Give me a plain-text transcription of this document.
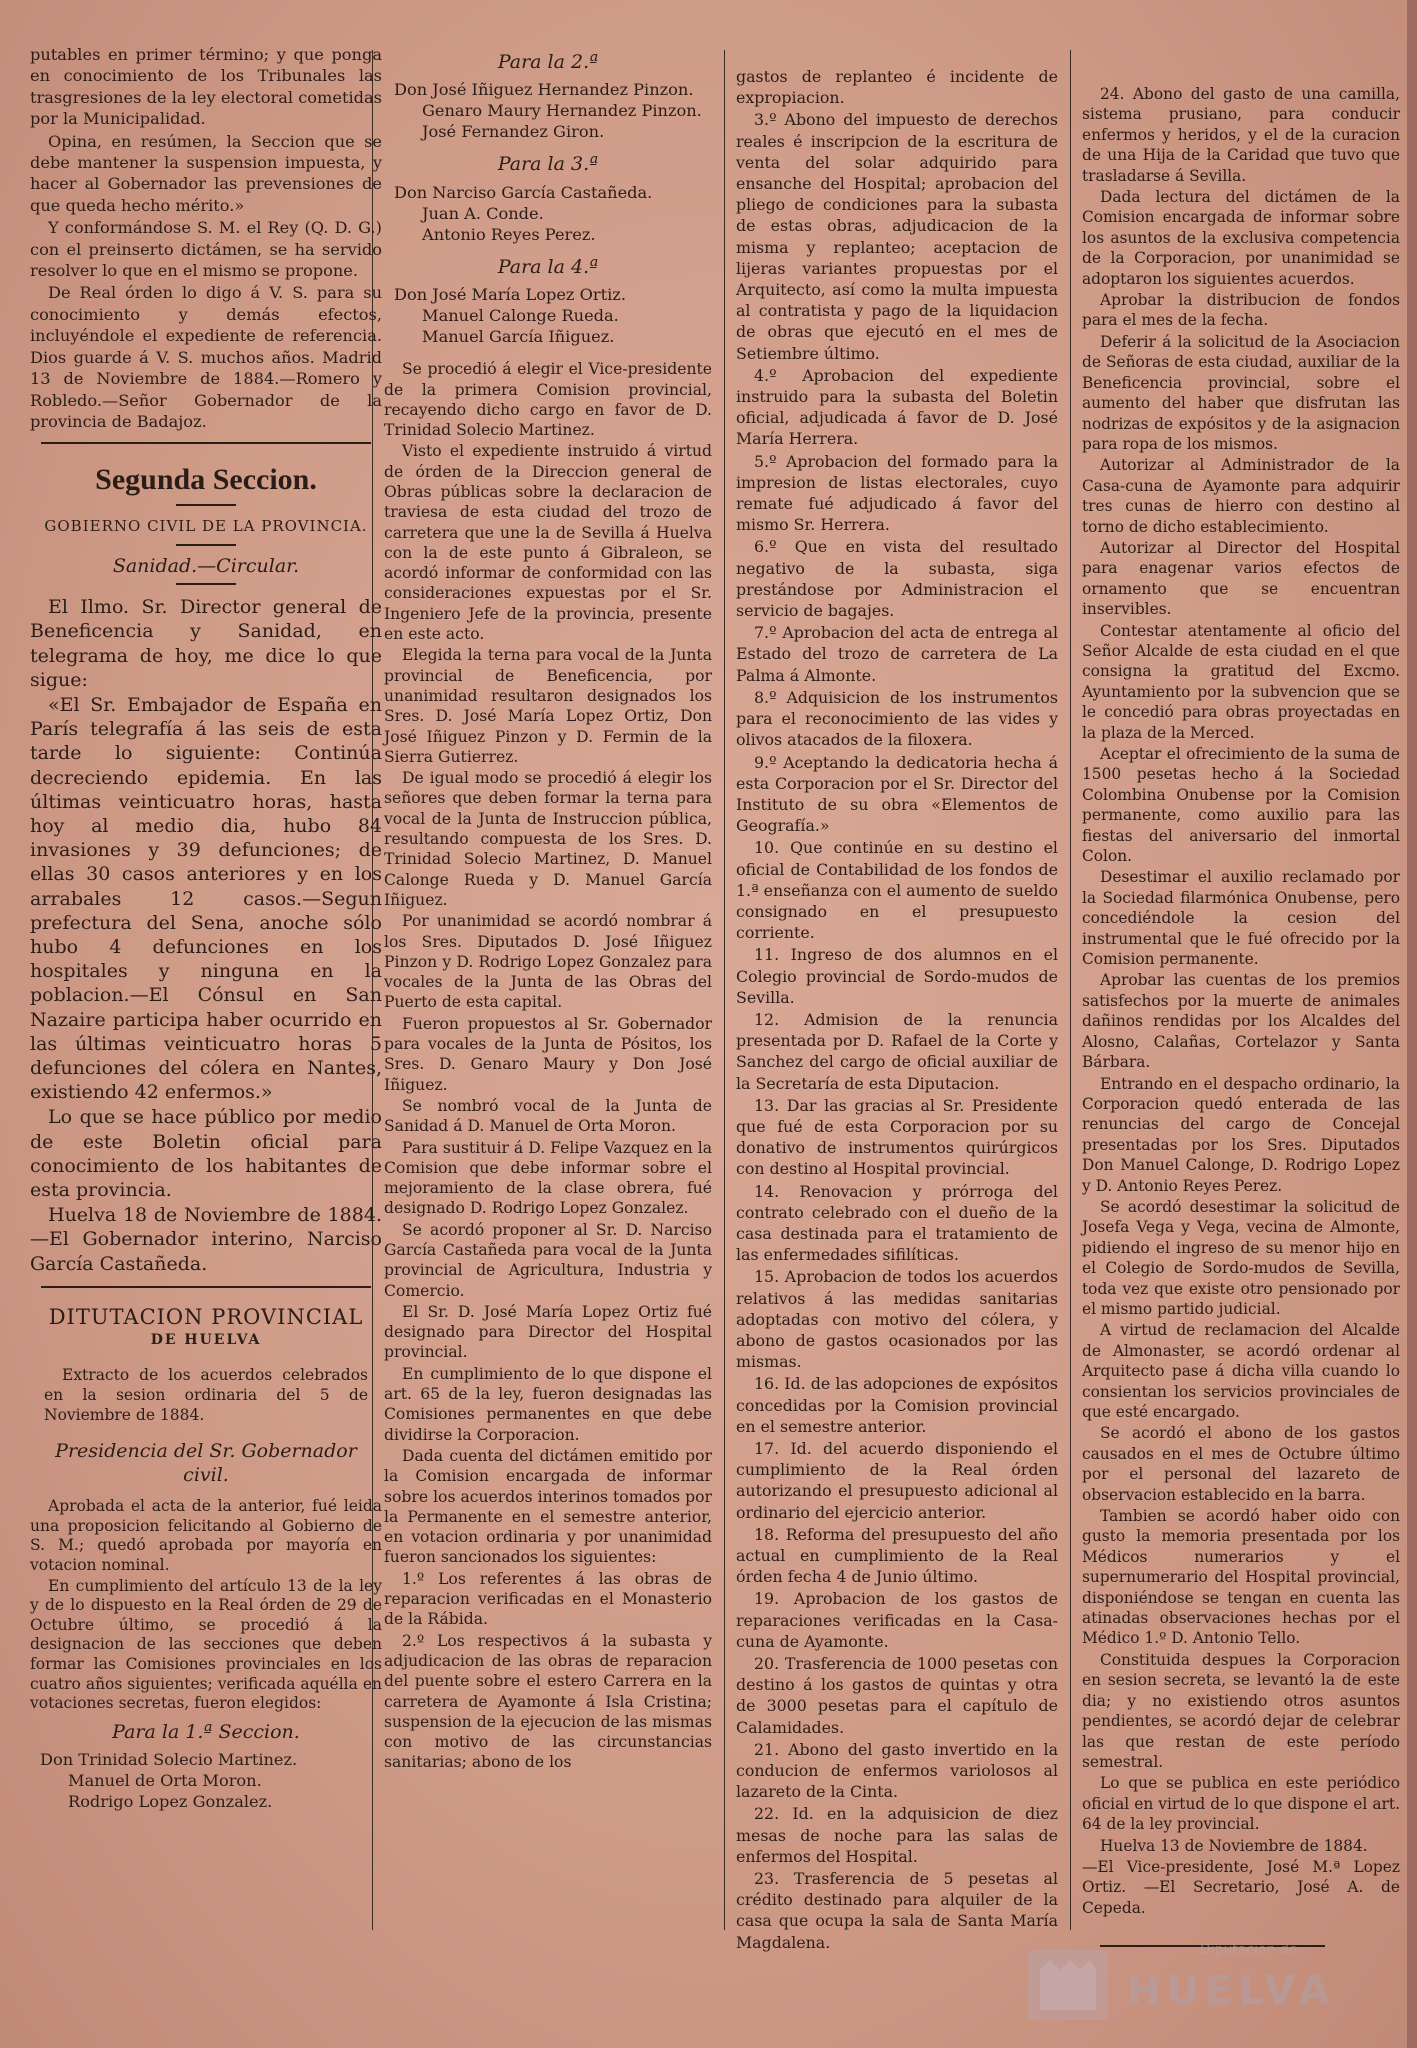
putables en primer término; y que ponga en conocimiento de los Tribunales las trasgresiones de la ley electoral cometidas por la Municipalidad.

Opina, en resúmen, la Seccion que se debe mantener la suspension impuesta, y hacer al Gobernador las prevensiones de que queda hecho mérito.»

Y conformándose S. M. el Rey (Q. D. G.) con el preinserto dictámen, se ha servido resolver lo que en el mismo se propone.

De Real órden lo digo á V. S. para su conocimiento y demás efectos, incluyéndole el expediente de referencia. Dios guarde á V. S. muchos años. Madrid 13 de Noviembre de 1884.—Romero y Robledo.—Señor Gobernador de la provincia de Badajoz.

Segunda Seccion.
GOBIERNO CIVIL DE LA PROVINCIA.
Sanidad.—Circular.

El Ilmo. Sr. Director general de Beneficencia y Sanidad, en telegrama de hoy, me dice lo que sigue:

«El Sr. Embajador de España en París telegrafía á las seis de esta tarde lo siguiente: Continúa decreciendo epidemia. En las últimas veinticuatro horas, hasta hoy al medio dia, hubo 84 invasiones y 39 defunciones; de ellas 30 casos anteriores y en los arrabales 12 casos.—Segun prefectura del Sena, anoche sólo hubo 4 defunciones en los hospitales y ninguna en la poblacion.—El Cónsul en San Nazaire participa haber ocurrido en las últimas veinticuatro horas 5 defunciones del cólera en Nantes, existiendo 42 enfermos.»

Lo que se hace público por medio de este Boletin oficial para conocimiento de los habitantes de esta provincia.

Huelva 18 de Noviembre de 1884.—El Gobernador interino, Narciso García Castañeda.

DITUTACION PROVINCIAL
DE HUELVA
Extracto de los acuerdos celebrados en la sesion ordinaria del 5 de Noviembre de 1884.
Presidencia del Sr. Gobernador civil.

Aprobada el acta de la anterior, fué leida una proposicion felicitando al Gobierno de S. M.; quedó aprobada por mayoría en votacion nominal.

En cumplimiento del artículo 13 de la ley y de lo dispuesto en la Real órden de 29 de Octubre último, se procedió á la designacion de las secciones que deben formar las Comisiones provinciales en los cuatro años siguientes; verificada aquélla en votaciones secretas, fueron elegidos:

Para la 1.ª Seccion.
Don Trinidad Solecio Martinez.
Manuel de Orta Moron.
Rodrigo Lopez Gonzalez.
Para la 2.ª
Don José Iñiguez Hernandez Pinzon.
Genaro Maury Hernandez Pinzon.
José Fernandez Giron.
Para la 3.ª
Don Narciso García Castañeda.
Juan A. Conde.
Antonio Reyes Perez.
Para la 4.ª
Don José María Lopez Ortiz.
Manuel Calonge Rueda.
Manuel García Iñiguez.

Se procedió á elegir el Vice-presidente de la primera Comision provincial, recayendo dicho cargo en favor de D. Trinidad Solecio Martinez.

Visto el expediente instruido á virtud de órden de la Direccion general de Obras públicas sobre la declaracion de traviesa de esta ciudad del trozo de carretera que une la de Sevilla á Huelva con la de este punto á Gibraleon, se acordó informar de conformidad con las consideraciones expuestas por el Sr. Ingeniero Jefe de la provincia, presente en este acto.

Elegida la terna para vocal de la Junta provincial de Beneficencia, por unanimidad resultaron designados los Sres. D. José María Lopez Ortiz, Don José Iñiguez Pinzon y D. Fermin de la Sierra Gutierrez.

De igual modo se procedió á elegir los señores que deben formar la terna para vocal de la Junta de Instruccion pública, resultando compuesta de los Sres. D. Trinidad Solecio Martinez, D. Manuel Calonge Rueda y D. Manuel García Iñiguez.

Por unanimidad se acordó nombrar á los Sres. Diputados D. José Iñiguez Pinzon y D. Rodrigo Lopez Gonzalez para vocales de la Junta de las Obras del Puerto de esta capital.

Fueron propuestos al Sr. Gobernador para vocales de la Junta de Pósitos, los Sres. D. Genaro Maury y Don José Iñiguez.

Se nombró vocal de la Junta de Sanidad á D. Manuel de Orta Moron.

Para sustituir á D. Felipe Vazquez en la Comision que debe informar sobre el mejoramiento de la clase obrera, fué designado D. Rodrigo Lopez Gonzalez.

Se acordó proponer al Sr. D. Narciso García Castañeda para vocal de la Junta provincial de Agricultura, Industria y Comercio.

El Sr. D. José María Lopez Ortiz fué designado para Director del Hospital provincial.

En cumplimiento de lo que dispone el art. 65 de la ley, fueron designadas las Comisiones permanentes en que debe dividirse la Corporacion.

Dada cuenta del dictámen emitido por la Comision encargada de informar sobre los acuerdos interinos tomados por la Permanente en el semestre anterior, en votacion ordinaria y por unanimidad fueron sancionados los siguientes:

1.º Los referentes á las obras de reparacion verificadas en el Monasterio de la Rábida.

2.º Los respectivos á la subasta y adjudicacion de las obras de reparacion del puente sobre el estero Carrera en la carretera de Ayamonte á Isla Cristina; suspension de la ejecucion de las mismas con motivo de las circunstancias sanitarias; abono de los

gastos de replanteo é incidente de expropiacion.

3.º Abono del impuesto de derechos reales é inscripcion de la escritura de venta del solar adquirido para ensanche del Hospital; aprobacion del pliego de condiciones para la subasta de estas obras, adjudicacion de la misma y replanteo; aceptacion de lijeras variantes propuestas por el Arquitecto, así como la multa impuesta al contratista y pago de la liquidacion de obras que ejecutó en el mes de Setiembre último.

4.º Aprobacion del expediente instruido para la subasta del Boletin oficial, adjudicada á favor de D. José María Herrera.

5.º Aprobacion del formado para la impresion de listas electorales, cuyo remate fué adjudicado á favor del mismo Sr. Herrera.

6.º Que en vista del resultado negativo de la subasta, siga prestándose por Administracion el servicio de bagajes.

7.º Aprobacion del acta de entrega al Estado del trozo de carretera de La Palma á Almonte.

8.º Adquisicion de los instrumentos para el reconocimiento de las vides y olivos atacados de la filoxera.

9.º Aceptando la dedicatoria hecha á esta Corporacion por el Sr. Director del Instituto de su obra «Elementos de Geografía.»

10. Que continúe en su destino el oficial de Contabilidad de los fondos de 1.ª enseñanza con el aumento de sueldo consignado en el presupuesto corriente.

11. Ingreso de dos alumnos en el Colegio provincial de Sordo-mudos de Sevilla.

12. Admision de la renuncia presentada por D. Rafael de la Corte y Sanchez del cargo de oficial auxiliar de la Secretaría de esta Diputacion.

13. Dar las gracias al Sr. Presidente que fué de esta Corporacion por su donativo de instrumentos quirúrgicos con destino al Hospital provincial.

14. Renovacion y prórroga del contrato celebrado con el dueño de la casa destinada para el tratamiento de las enfermedades sifilíticas.

15. Aprobacion de todos los acuerdos relativos á las medidas sanitarias adoptadas con motivo del cólera, y abono de gastos ocasionados por las mismas.

16. Id. de las adopciones de expósitos concedidas por la Comision provincial en el semestre anterior.

17. Id. del acuerdo disponiendo el cumplimiento de la Real órden autorizando el presupuesto adicional al ordinario del ejercicio anterior.

18. Reforma del presupuesto del año actual en cumplimiento de la Real órden fecha 4 de Junio último.

19. Aprobacion de los gastos de reparaciones verificadas en la Casa-cuna de Ayamonte.

20. Trasferencia de 1000 pesetas con destino á los gastos de quintas y otra de 3000 pesetas para el capítulo de Calamidades.

21. Abono del gasto invertido en la conducion de enfermos variolosos al lazareto de la Cinta.

22. Id. en la adquisicion de diez mesas de noche para las salas de enfermos del Hospital.

23. Trasferencia de 5 pesetas al crédito destinado para alquiler de la casa que ocupa la sala de Santa María Magdalena.

24. Abono del gasto de una camilla, sistema prusiano, para conducir enfermos y heridos, y el de la curacion de una Hija de la Caridad que tuvo que trasladarse á Sevilla.

Dada lectura del dictámen de la Comision encargada de informar sobre los asuntos de la exclusiva competencia de la Corporacion, por unanimidad se adoptaron los siguientes acuerdos.

Aprobar la distribucion de fondos para el mes de la fecha.

Deferir á la solicitud de la Asociacion de Señoras de esta ciudad, auxiliar de la Beneficencia provincial, sobre el aumento del haber que disfrutan las nodrizas de expósitos y de la asignacion para ropa de los mismos.

Autorizar al Administrador de la Casa-cuna de Ayamonte para adquirir tres cunas de hierro con destino al torno de dicho establecimiento.

Autorizar al Director del Hospital para enagenar varios efectos de ornamento que se encuentran inservibles.

Contestar atentamente al oficio del Señor Alcalde de esta ciudad en el que consigna la gratitud del Excmo. Ayuntamiento por la subvencion que se le concedió para obras proyectadas en la plaza de la Merced.

Aceptar el ofrecimiento de la suma de 1500 pesetas hecho á la Sociedad Colombina Onubense por la Comision permanente, como auxilio para las fiestas del aniversario del inmortal Colon.

Desestimar el auxilio reclamado por la Sociedad filarmónica Onubense, pero concediéndole la cesion del instrumental que le fué ofrecido por la Comision permanente.

Aprobar las cuentas de los premios satisfechos por la muerte de animales dañinos rendidas por los Alcaldes del Alosno, Calañas, Cortelazor y Santa Bárbara.

Entrando en el despacho ordinario, la Corporacion quedó enterada de las renuncias del cargo de Concejal presentadas por los Sres. Diputados Don Manuel Calonge, D. Rodrigo Lopez y D. Antonio Reyes Perez.

Se acordó desestimar la solicitud de Josefa Vega y Vega, vecina de Almonte, pidiendo el ingreso de su menor hijo en el Colegio de Sordo-mudos de Sevilla, toda vez que existe otro pensionado por el mismo partido judicial.

A virtud de reclamacion del Alcalde de Almonaster, se acordó ordenar al Arquitecto pase á dicha villa cuando lo consientan los servicios provinciales de que esté encargado.

Se acordó el abono de los gastos causados en el mes de Octubre último por el personal del lazareto de observacion establecido en la barra.

Tambien se acordó haber oido con gusto la memoria presentada por los Médicos numerarios y el supernumerario del Hospital provincial, disponiéndose se tengan en cuenta las atinadas observaciones hechas por el Médico 1.º D. Antonio Tello.

Constituida despues la Corporacion en sesion secreta, se levantó la de este dia; y no existiendo otros asuntos pendientes, se acordó dejar de celebrar las que restan de este período semestral.

Lo que se publica en este periódico oficial en virtud de lo que dispone el art. 64 de la ley provincial.

Huelva 13 de Noviembre de 1884.

—El Vice-presidente, José M.ª Lopez Ortiz. —El Secretario, José A. de Cepeda.

Diputación de
HUELVA
